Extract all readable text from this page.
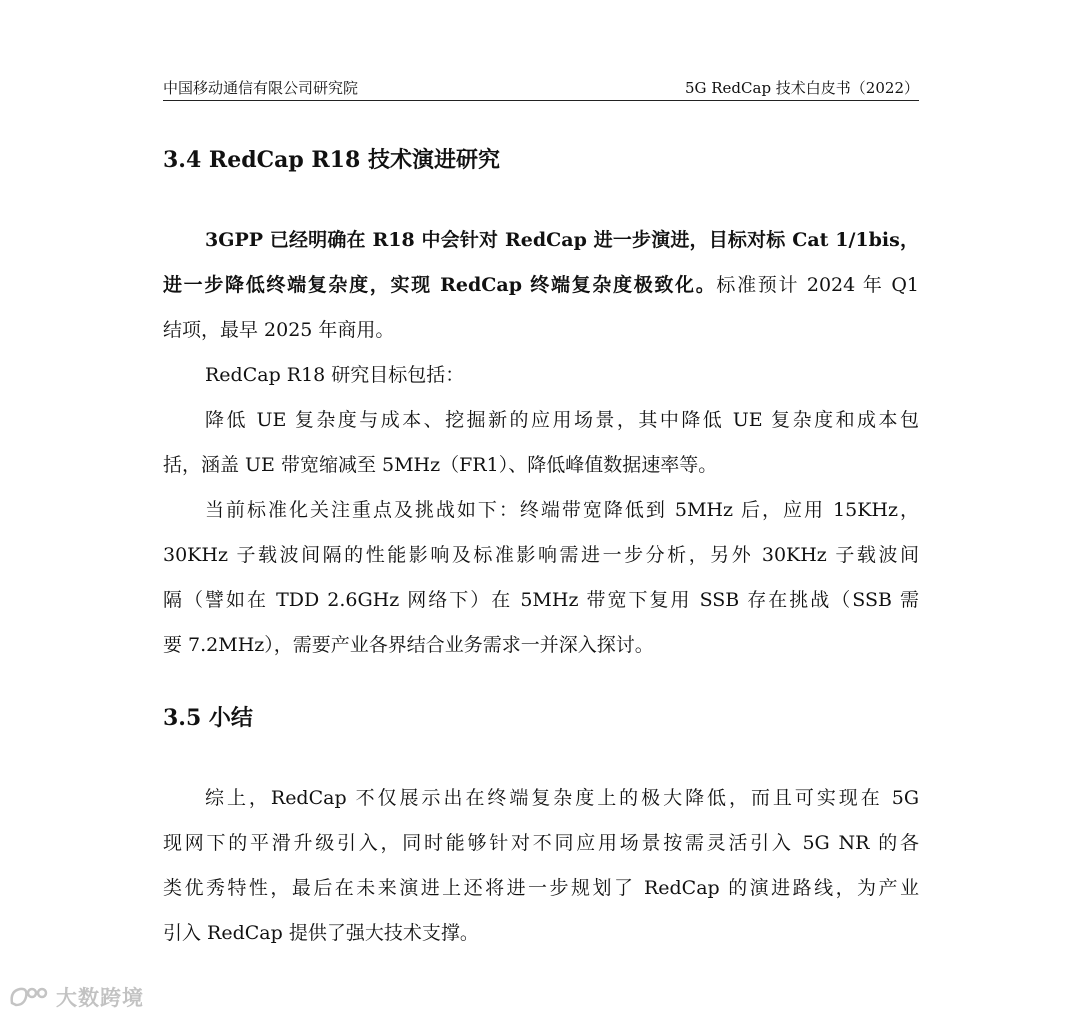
中国移动通信有限公司研究院	5G RedCap 技术白皮书（2022）
3.4 RedCap R18 技术演进研究
3GPP 已经明确在 R18 中会针对 RedCap 进一步演进，目标对标 Cat 1/1bis，
进一步降低终端复杂度，实现 RedCap 终端复杂度极致化。标准预计 2024 年 Q1
结项，最早 2025 年商用。
RedCap R18 研究目标包括：
降低 UE 复杂度与成本、挖掘新的应用场景，其中降低 UE 复杂度和成本包
括，涵盖 UE 带宽缩减至 5MHz（FR1）、降低峰值数据速率等。
当前标准化关注重点及挑战如下：终端带宽降低到 5MHz 后，应用 15KHz，
30KHz 子载波间隔的性能影响及标准影响需进一步分析，另外 30KHz 子载波间
隔（譬如在 TDD 2.6GHz 网络下）在 5MHz 带宽下复用 SSB 存在挑战（SSB 需
要 7.2MHz），需要产业各界结合业务需求一并深入探讨。
3.5 小结
综上，RedCap 不仅展示出在终端复杂度上的极大降低，而且可实现在 5G
现网下的平滑升级引入，同时能够针对不同应用场景按需灵活引入 5G NR 的各
类优秀特性，最后在未来演进上还将进一步规划了 RedCap 的演进路线，为产业
引入 RedCap 提供了强大技术支撑。
大数跨境
